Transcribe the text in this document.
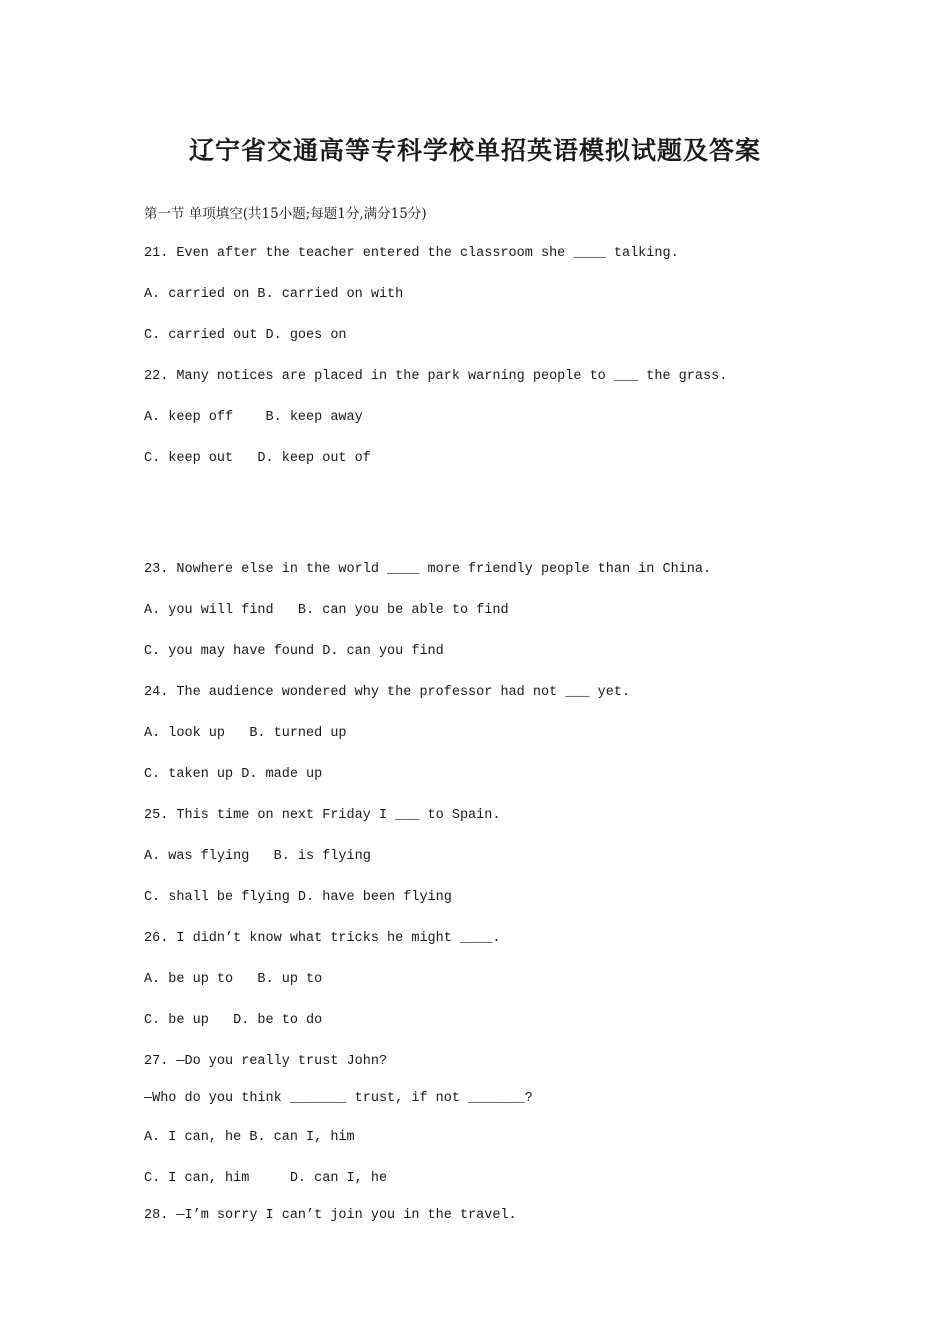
辽宁省交通高等专科学校单招英语模拟试题及答案
第一节 单项填空(共15小题;每题1分,满分15分)
21. Even after the teacher entered the classroom she ____ talking.
A. carried on B. carried on with
C. carried out D. goes on
22. Many notices are placed in the park warning people to ___ the grass.
A. keep off    B. keep away
C. keep out   D. keep out of
23. Nowhere else in the world ____ more friendly people than in China.
A. you will find   B. can you be able to find
C. you may have found D. can you find
24. The audience wondered why the professor had not ___ yet.
A. look up   B. turned up
C. taken up D. made up
25. This time on next Friday I ___ to Spain.
A. was flying   B. is flying
C. shall be flying D. have been flying
26. I didn’t know what tricks he might ____.
A. be up to   B. up to
C. be up   D. be to do
27. —Do you really trust John?
—Who do you think _______ trust, if not _______?
A. I can, he B. can I, him
C. I can, him     D. can I, he
28. —I’m sorry I can’t join you in the travel.
